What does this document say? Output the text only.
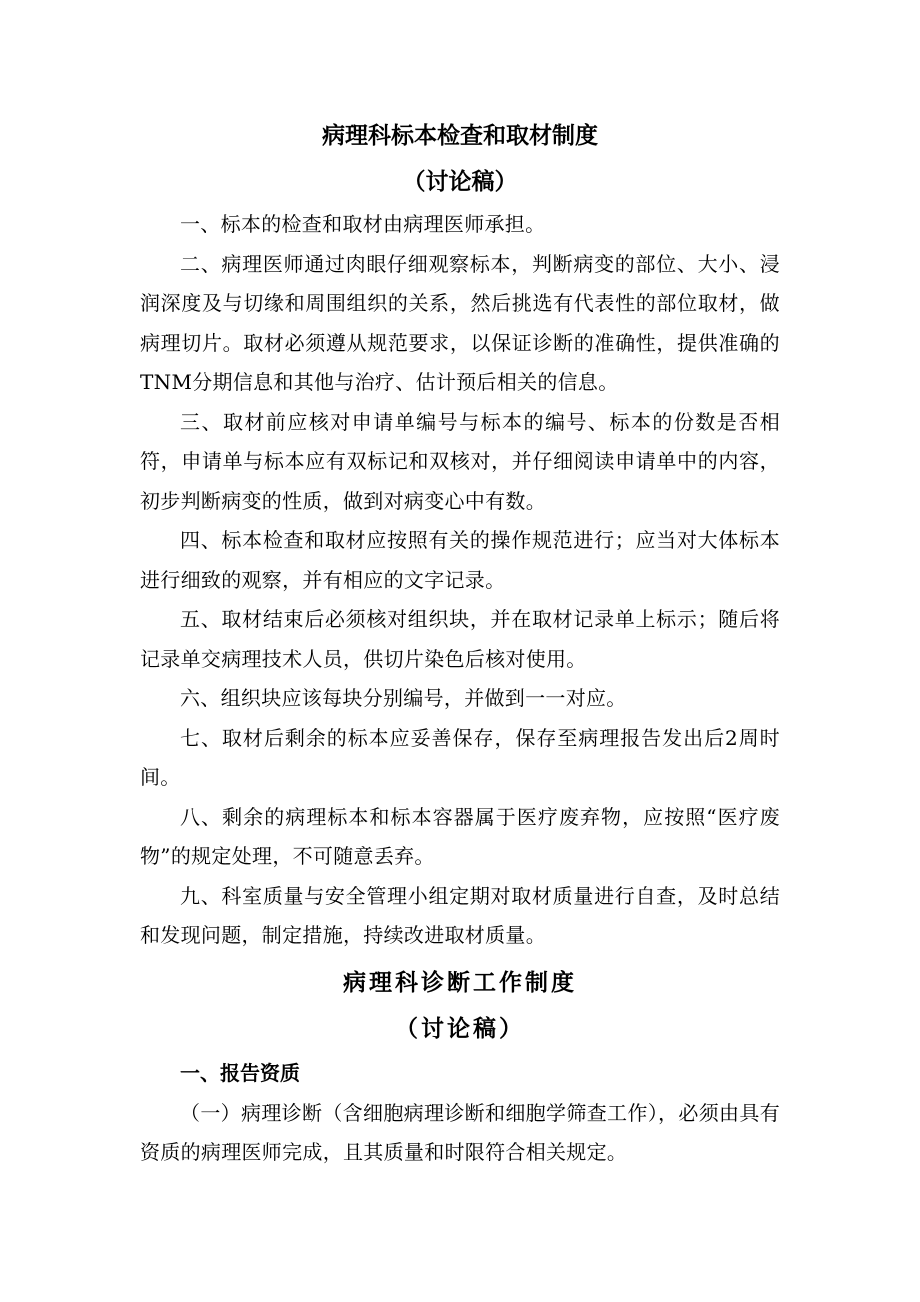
病理科标本检查和取材制度
（讨论稿）

一、标本的检查和取材由病理医师承担。

二、病理医师通过肉眼仔细观察标本，判断病变的部位、大小、浸润深度及与切缘和周围组织的关系，然后挑选有代表性的部位取材，做病理切片。取材必须遵从规范要求，以保证诊断的准确性，提供准确的TNM分期信息和其他与治疗、估计预后相关的信息。

三、取材前应核对申请单编号与标本的编号、标本的份数是否相符，申请单与标本应有双标记和双核对，并仔细阅读申请单中的内容，初步判断病变的性质，做到对病变心中有数。

四、标本检查和取材应按照有关的操作规范进行；应当对大体标本进行细致的观察，并有相应的文字记录。

五、取材结束后必须核对组织块，并在取材记录单上标示；随后将记录单交病理技术人员，供切片染色后核对使用。

六、组织块应该每块分别编号，并做到一一对应。

七、取材后剩余的标本应妥善保存，保存至病理报告发出后2周时间。

八、剩余的病理标本和标本容器属于医疗废弃物，应按照“医疗废物”的规定处理，不可随意丢弃。

九、科室质量与安全管理小组定期对取材质量进行自查，及时总结和发现问题，制定措施，持续改进取材质量。

病理科诊断工作制度
（讨论稿）
一、报告资质

（一）病理诊断（含细胞病理诊断和细胞学筛查工作），必须由具有资质的病理医师完成，且其质量和时限符合相关规定。
